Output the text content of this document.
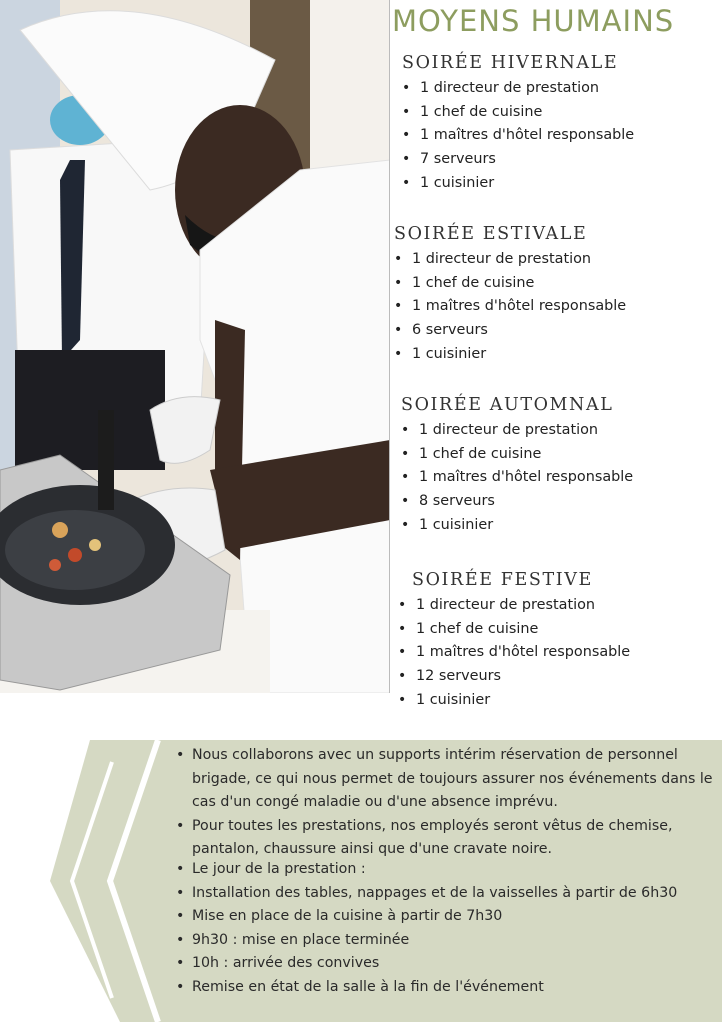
MOYENS HUMAINS
SOIRÉE HIVERNALE
• 1 directeur de prestation
• 1 chef de cuisine
• 1 maîtres d'hôtel responsable
• 7 serveurs
• 1 cuisinier
SOIRÉE ESTIVALE
• 1 directeur de prestation
• 1 chef de cuisine
• 1 maîtres d'hôtel responsable
• 6 serveurs
• 1 cuisinier
SOIRÉE AUTOMNAL
• 1 directeur de prestation
• 1 chef de cuisine
• 1 maîtres d'hôtel responsable
• 8 serveurs
• 1 cuisinier
SOIRÉE FESTIVE
• 1 directeur de prestation
• 1 chef de cuisine
• 1 maîtres d'hôtel responsable
• 12 serveurs
• 1 cuisinier
• Nous collaborons avec un supports intérim réservation de personnel brigade, ce qui nous permet de toujours assurer nos événements dans le cas d'un congé maladie ou d'une absence imprévu.
• Pour toutes les prestations, nos employés seront vêtus de chemise, pantalon, chaussure ainsi que d'une cravate noire.
• Le jour de la prestation :
• Installation des tables, nappages et de la vaisselles à partir de 6h30
• Mise en place de la cuisine à partir de 7h30
• 9h30 : mise en place terminée
• 10h : arrivée des convives
• Remise en état de la salle à la fin de l'événement
